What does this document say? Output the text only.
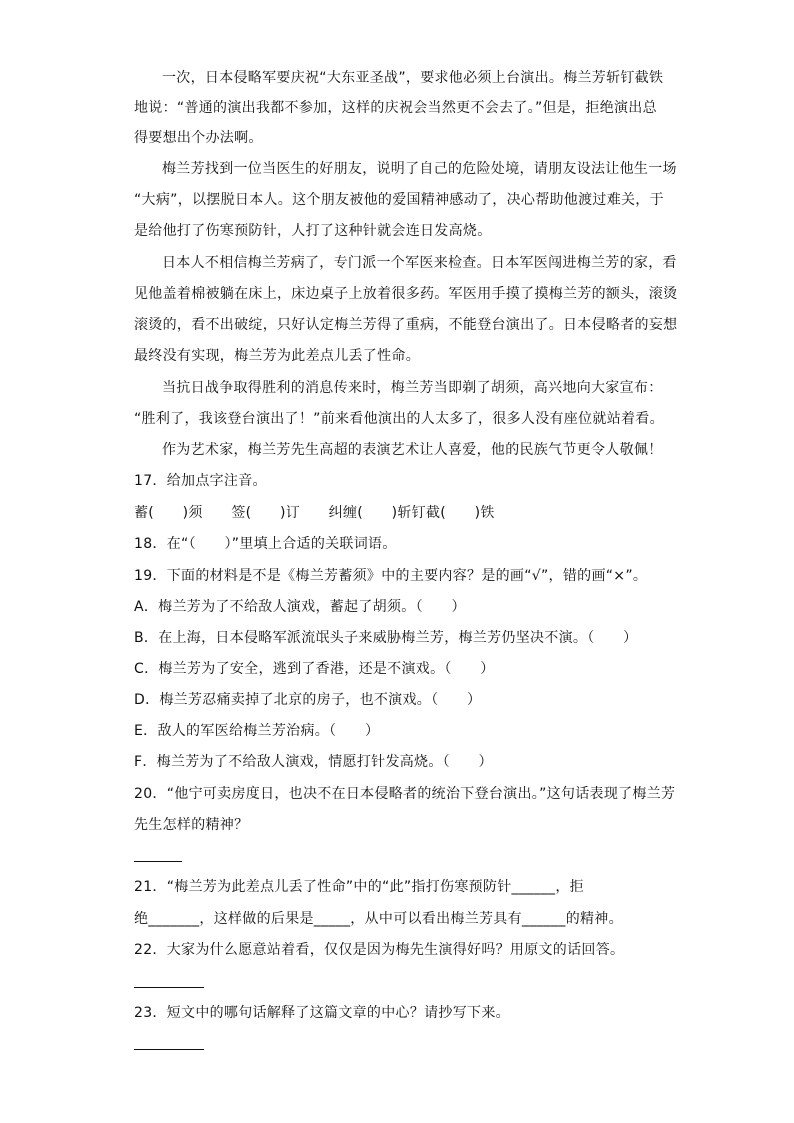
一次，日本侵略军要庆祝“大东亚圣战”，要求他必须上台演出。梅兰芳斩钉截铁
地说：“普通的演出我都不参加，这样的庆祝会当然更不会去了。”但是，拒绝演出总
得要想出个办法啊。
梅兰芳找到一位当医生的好朋友，说明了自己的危险处境，请朋友设法让他生一场
“大病”，以摆脱日本人。这个朋友被他的爱国精神感动了，决心帮助他渡过难关，于
是给他打了伤寒预防针，人打了这种针就会连日发高烧。
日本人不相信梅兰芳病了，专门派一个军医来检查。日本军医闯进梅兰芳的家，看
见他盖着棉被躺在床上，床边桌子上放着很多药。军医用手摸了摸梅兰芳的额头，滚烫
滚烫的，看不出破绽，只好认定梅兰芳得了重病，不能登台演出了。日本侵略者的妄想
最终没有实现，梅兰芳为此差点儿丢了性命。
当抗日战争取得胜利的消息传来时，梅兰芳当即剃了胡须，高兴地向大家宣布：
“胜利了，我该登台演出了！”前来看他演出的人太多了，很多人没有座位就站着看。
作为艺术家，梅兰芳先生高超的表演艺术让人喜爱，他的民族气节更令人敬佩！
17．给加点字注音。
蓄(　　)须　　签(　　)订　　纠缠(　　)斩钉截(　　)铁
18．在“（　　）”里填上合适的关联词语。
19．下面的材料是不是《梅兰芳蓄须》中的主要内容？是的画“√”，错的画“×”。
A．梅兰芳为了不给敌人演戏，蓄起了胡须。（　　）
B．在上海，日本侵略军派流氓头子来威胁梅兰芳，梅兰芳仍坚决不演。（　　）
C．梅兰芳为了安全，逃到了香港，还是不演戏。（　　）
D．梅兰芳忍痛卖掉了北京的房子，也不演戏。（　　）
E．敌人的军医给梅兰芳治病。（　　）
F．梅兰芳为了不给敌人演戏，情愿打针发高烧。（　　）
20．“他宁可卖房度日，也决不在日本侵略者的统治下登台演出。”这句话表现了梅兰芳
先生怎样的精神？
21．“梅兰芳为此差点儿丢了性命”中的“此”指打伤寒预防针______，拒
绝_______，这样做的后果是_____，从中可以看出梅兰芳具有______的精神。
22．大家为什么愿意站着看，仅仅是因为梅先生演得好吗？用原文的话回答。
23．短文中的哪句话解释了这篇文章的中心？请抄写下来。
